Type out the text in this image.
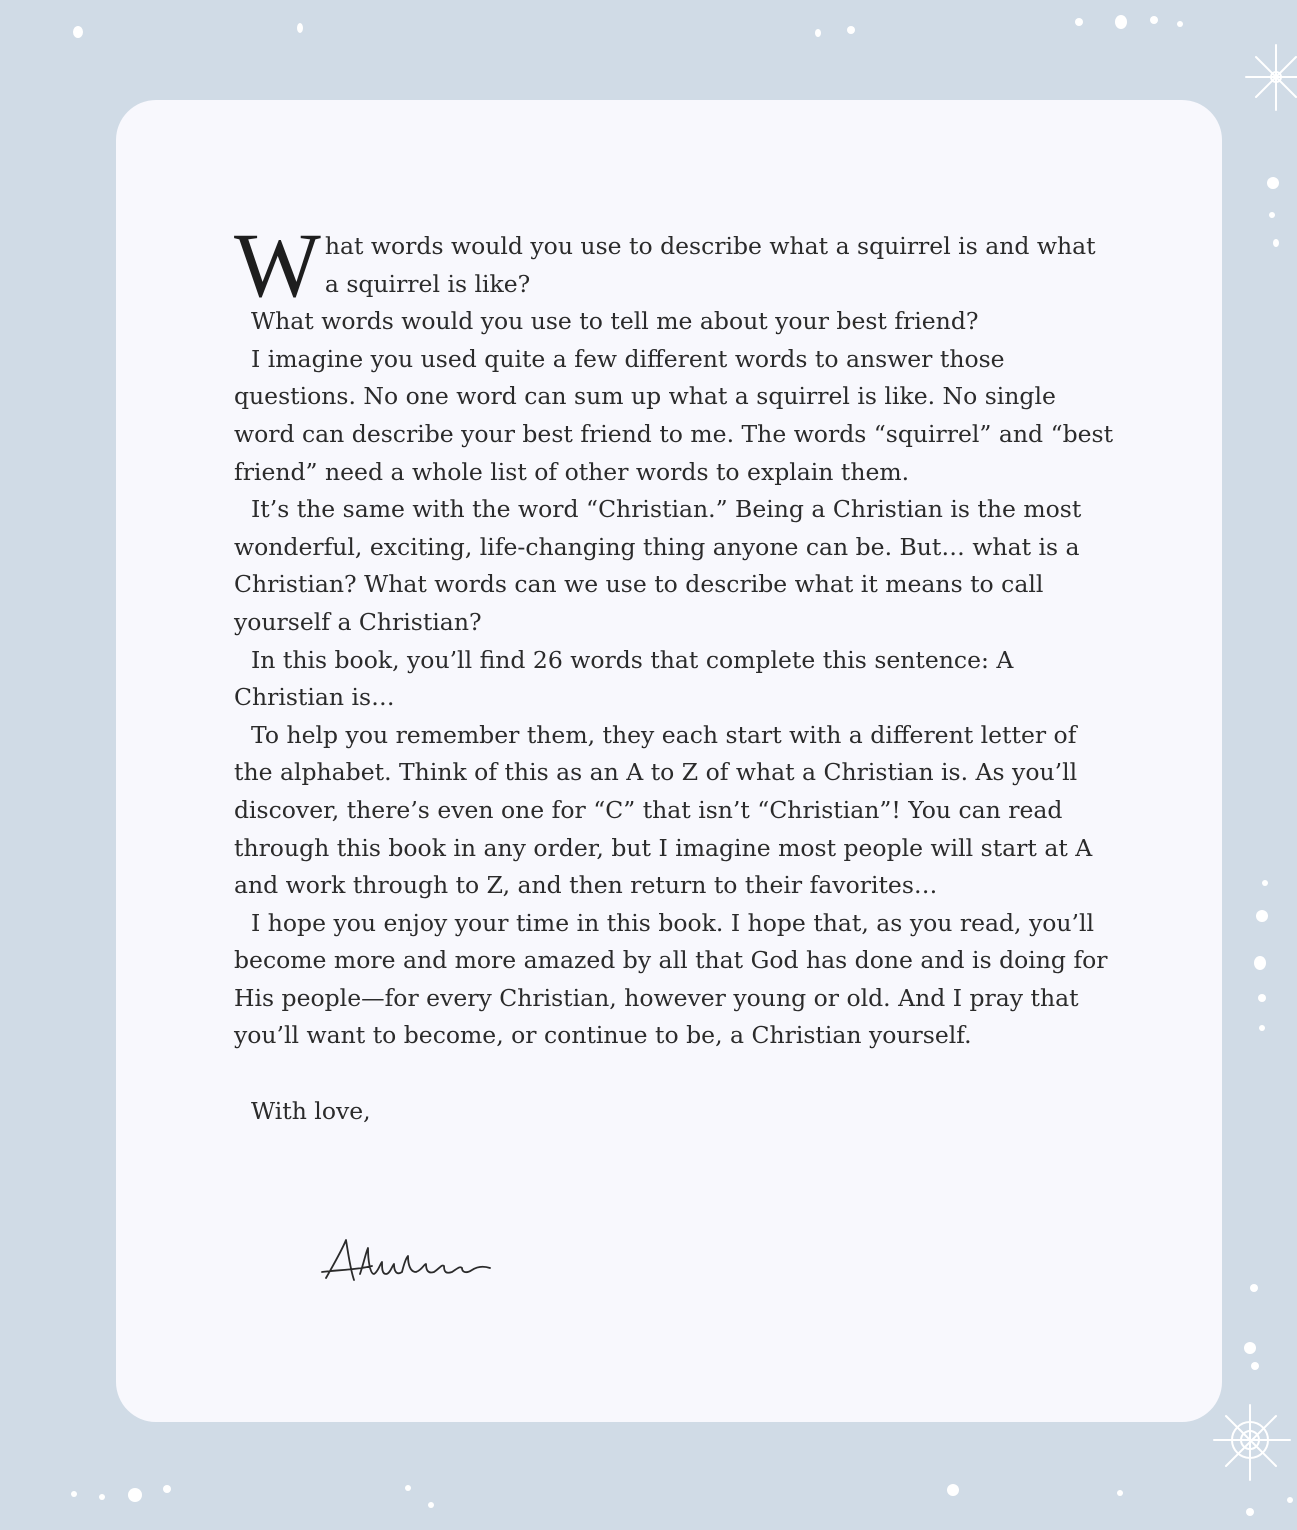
What words would you use to describe what a squirrel is and what a squirrel is like?

What words would you use to tell me about your best friend?

I imagine you used quite a few different words to answer those questions. No one word can sum up what a squirrel is like. No single word can describe your best friend to me. The words “squirrel” and “best friend” need a whole list of other words to explain them.

It’s the same with the word “Christian.” Being a Christian is the most wonderful, exciting, life-changing thing anyone can be. But… what is a Christian? What words can we use to describe what it means to call yourself a Christian?

In this book, you’ll find 26 words that complete this sentence: A Christian is…

To help you remember them, they each start with a different letter of the alphabet. Think of this as an A to Z of what a Christian is. As you’ll discover, there’s even one for “C” that isn’t “Christian”! You can read through this book in any order, but I imagine most people will start at A and work through to Z, and then return to their favorites…

I hope you enjoy your time in this book. I hope that, as you read, you’ll become more and more amazed by all that God has done and is doing for His people—for every Christian, however young or old. And I pray that you’ll want to become, or continue to be, a Christian yourself.

With love,
